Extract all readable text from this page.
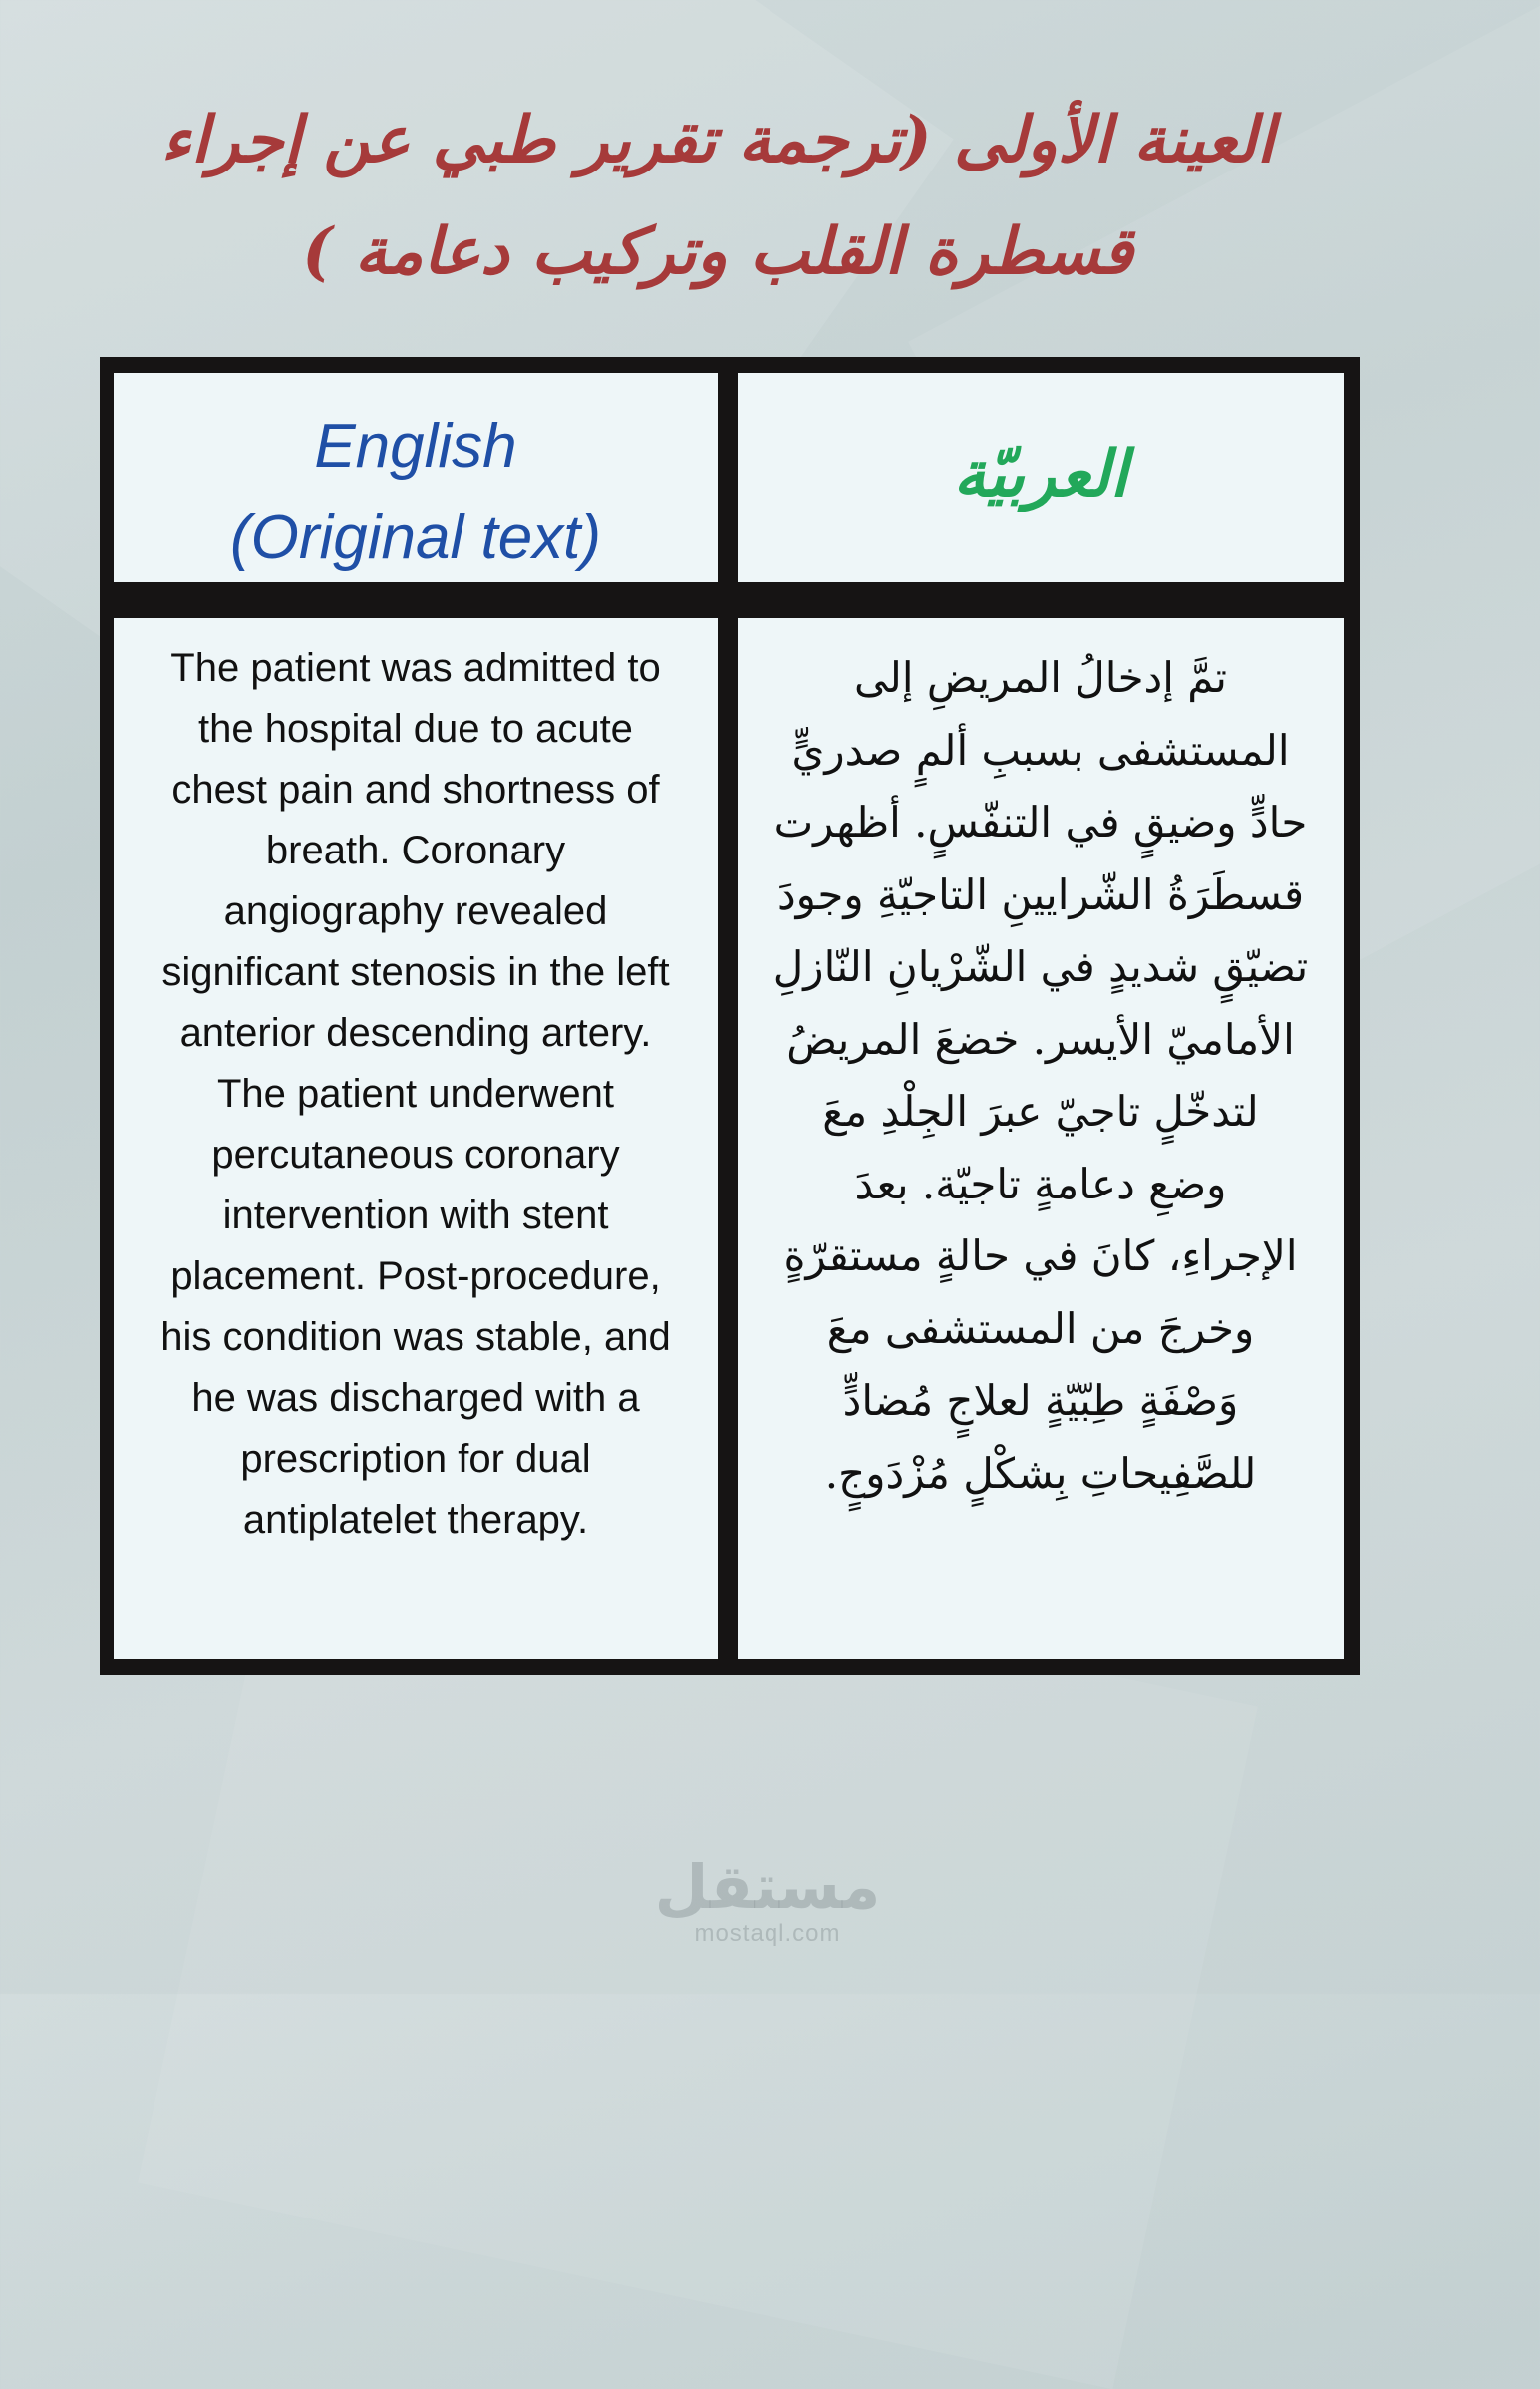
العينة الأولى (ترجمة تقرير طبي عن إجراء
قسطرة القلب وتركيب دعامة )
English
(Original text)
العربيّة
The patient was admitted to
the hospital due to acute
chest pain and shortness of
breath. Coronary
angiography revealed
significant stenosis in the left
anterior descending artery.
The patient underwent
percutaneous coronary
intervention with stent
placement. Post-procedure,
his condition was stable, and
he was discharged with a
prescription for dual
antiplatelet therapy.
تمَّ إدخالُ المريضِ إلى
المستشفى بسببِ ألمٍ صدريٍّ
حادٍّ وضيقٍ في التنفّسٍ. أظهرت
قسطَرَةُ الشّرايينِ التاجيّةِ وجودَ
تضيّقٍ شديدٍ في الشّرْيانِ النّازلِ
الأماميّ الأيسر. خضعَ المريضُ
لتدخّلٍ تاجيّ عبرَ الجِلْدِ معَ
وضعِ دعامةٍ تاجيّة. بعدَ
الإجراءِ، كانَ في حالةٍ مستقرّةٍ
وخرجَ من المستشفى معَ
وَصْفَةٍ طِبّيّةٍ لعلاجٍ مُضادٍّ
للصَّفِيحاتِ بِشكْلٍ مُزْدَوجٍ.
مستقل
mostaql.com
